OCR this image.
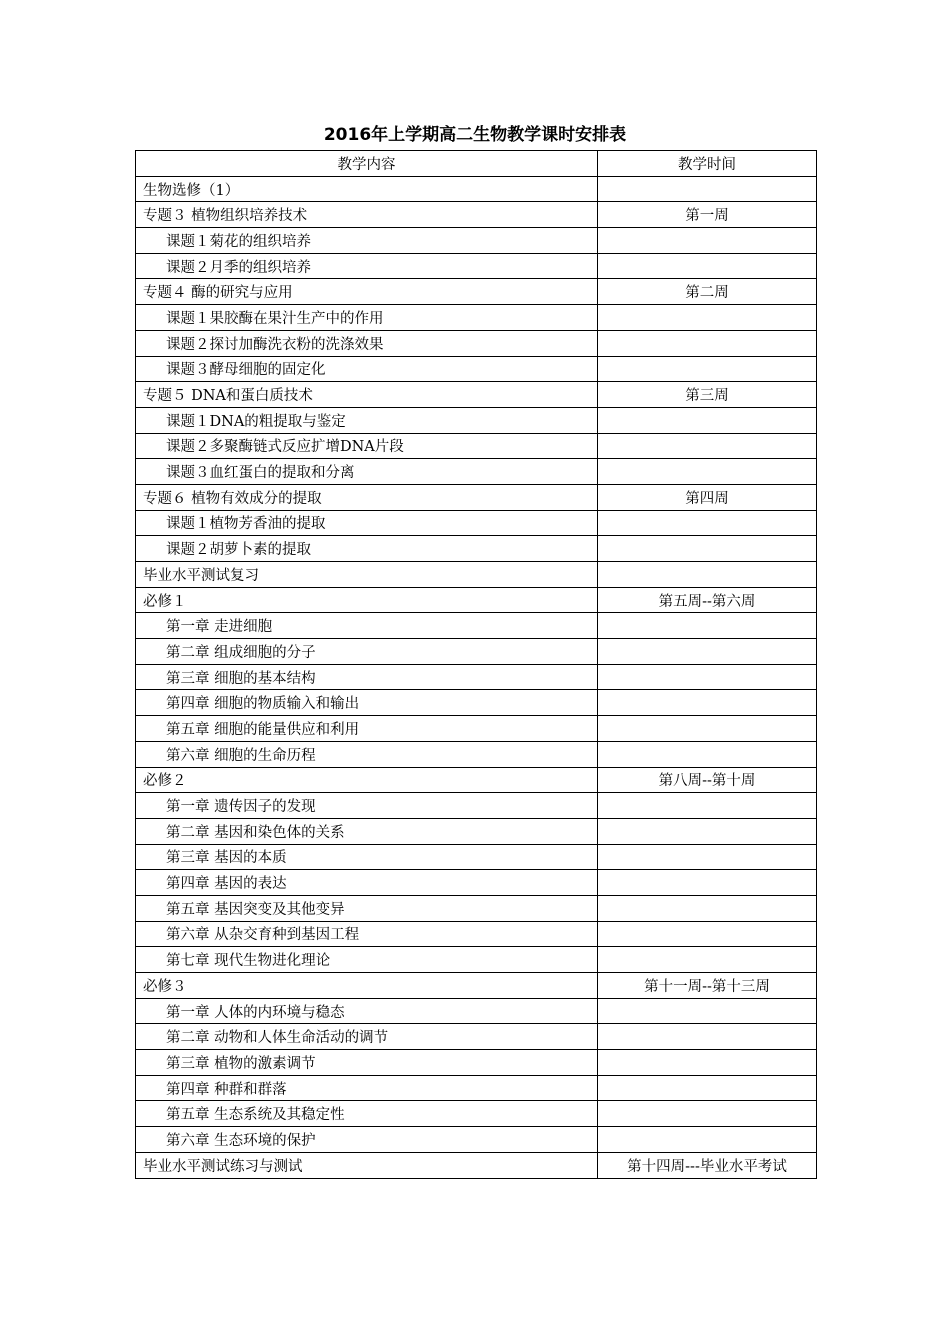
2016年上学期高二生物教学课时安排表
教学内容	教学时间
生物选修（1）	
专题３ 植物组织培养技术	第一周
课题１菊花的组织培养	
课题２月季的组织培养	
专题４ 酶的研究与应用	第二周
课题１果胶酶在果汁生产中的作用	
课题２探讨加酶洗衣粉的洗涤效果	
课题３酵母细胞的固定化	
专题５ DNA和蛋白质技术	第三周
课题１DNA的粗提取与鉴定	
课题２多聚酶链式反应扩增DNA片段	
课题３血红蛋白的提取和分离	
专题６ 植物有效成分的提取	第四周
课题１植物芳香油的提取	
课题２胡萝卜素的提取	
毕业水平测试复习	
必修１	第五周--第六周
第一章 走进细胞	
第二章 组成细胞的分子	
第三章 细胞的基本结构	
第四章 细胞的物质输入和输出	
第五章 细胞的能量供应和利用	
第六章 细胞的生命历程	
必修２	第八周--第十周
第一章 遗传因子的发现	
第二章 基因和染色体的关系	
第三章 基因的本质	
第四章 基因的表达	
第五章 基因突变及其他变异	
第六章 从杂交育种到基因工程	
第七章 现代生物进化理论	
必修３	第十一周--第十三周
第一章 人体的内环境与稳态	
第二章 动物和人体生命活动的调节	
第三章 植物的激素调节	
第四章 种群和群落	
第五章 生态系统及其稳定性	
第六章 生态环境的保护	
毕业水平测试练习与测试	第十四周---毕业水平考试
